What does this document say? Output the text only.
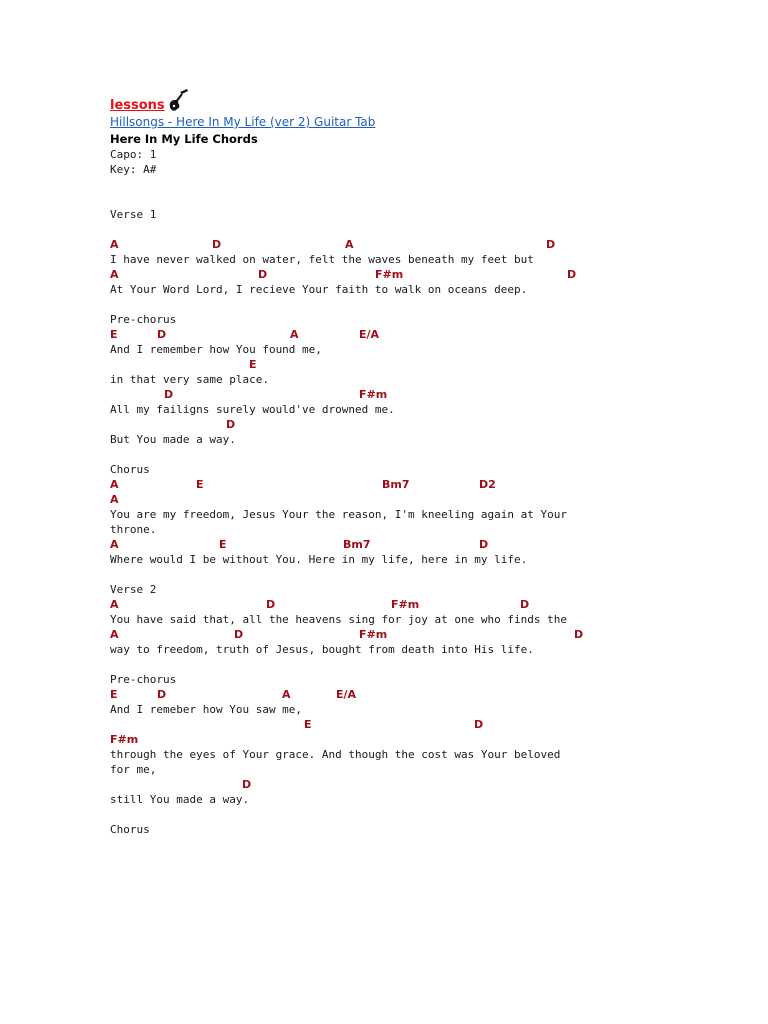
lessons
Hillsongs - Here In My Life (ver 2) Guitar Tab
Here In My Life Chords
Capo: 1
Key: A#
Verse 1
A	D	A	D
I have never walked on water, felt the waves beneath my feet but
A	D	F#m	D
At Your Word Lord, I recieve Your faith to walk on oceans deep.
Pre-chorus
E	D	A	E/A
And I remember how You found me,
E
in that very same place.
D	F#m
All my failigns surely would've drowned me.
D
But You made a way.
Chorus
A	E	Bm7	D2
A
You are my freedom, Jesus Your the reason, I'm kneeling again at Your
throne.
A	E	Bm7	D
Where would I be without You. Here in my life, here in my life.
Verse 2
A	D	F#m	D
You have said that, all the heavens sing for joy at one who finds the
A	D	F#m	D
way to freedom, truth of Jesus, bought from death into His life.
Pre-chorus
E	D	A	E/A
And I remeber how You saw me,
E	D
F#m
through the eyes of Your grace. And though the cost was Your beloved
for me,
D
still You made a way.
Chorus
